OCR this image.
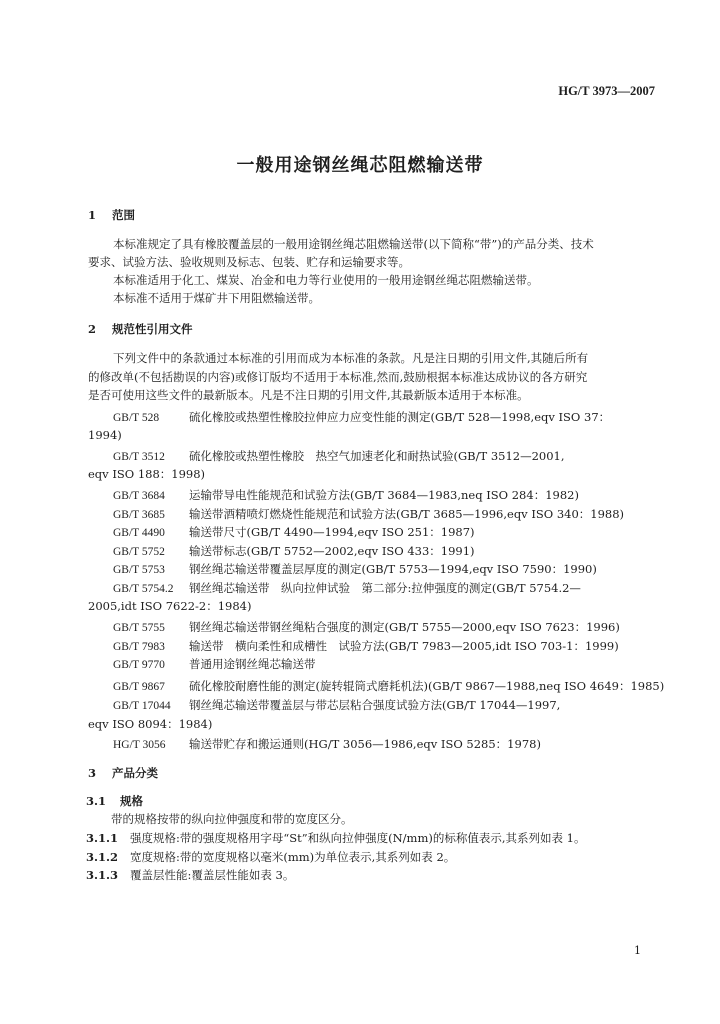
HG/T 3973—2007
一般用途钢丝绳芯阻燃输送带
1 范围
本标准规定了具有橡胶覆盖层的一般用途钢丝绳芯阻燃输送带(以下简称“带”)的产品分类、技术
要求、试验方法、验收规则及标志、包装、贮存和运输要求等。
本标准适用于化工、煤炭、冶金和电力等行业使用的一般用途钢丝绳芯阻燃输送带。
本标准不适用于煤矿井下用阻燃输送带。
2 规范性引用文件
下列文件中的条款通过本标准的引用而成为本标准的条款。凡是注日期的引用文件,其随后所有
的修改单(不包括勘误的内容)或修订版均不适用于本标准,然而,鼓励根据本标准达成协议的各方研究
是否可使用这些文件的最新版本。凡是不注日期的引用文件,其最新版本适用于本标准。
GB/T 528	硫化橡胶或热塑性橡胶拉伸应力应变性能的测定(GB/T 528—1998,eqv ISO 37：
1994)
GB/T 3512 硫化橡胶或热塑性橡胶　热空气加速老化和耐热试验(GB/T 3512—2001,
eqv ISO 188：1998)
GB/T 3684 运输带导电性能规范和试验方法(GB/T 3684—1983,neq ISO 284：1982)
GB/T 3685 输送带酒精喷灯燃烧性能规范和试验方法(GB/T 3685—1996,eqv ISO 340：1988)
GB/T 4490 输送带尺寸(GB/T 4490—1994,eqv ISO 251：1987)
GB/T 5752 输送带标志(GB/T 5752—2002,eqv ISO 433：1991)
GB/T 5753 钢丝绳芯输送带覆盖层厚度的测定(GB/T 5753—1994,eqv ISO 7590：1990)
GB/T 5754.2 钢丝绳芯输送带　纵向拉伸试验　第二部分:拉伸强度的测定(GB/T 5754.2—
2005,idt ISO 7622-2：1984)
GB/T 5755 钢丝绳芯输送带钢丝绳粘合强度的测定(GB/T 5755—2000,eqv ISO 7623：1996)
GB/T 7983 输送带　横向柔性和成槽性　试验方法(GB/T 7983—2005,idt ISO 703-1：1999)
GB/T 9770 普通用途钢丝绳芯输送带
GB/T 9867 硫化橡胶耐磨性能的测定(旋转辊筒式磨耗机法)(GB/T 9867—1988,neq ISO 4649：1985)
GB/T 17044 钢丝绳芯输送带覆盖层与带芯层粘合强度试验方法(GB/T 17044—1997,
eqv ISO 8094：1984)
HG/T 3056 输送带贮存和搬运通则(HG/T 3056—1986,eqv ISO 5285：1978)
3 产品分类
3.1 规格
带的规格按带的纵向拉伸强度和带的宽度区分。
3.1.1 强度规格:带的强度规格用字母“St”和纵向拉伸强度(N/mm)的标称值表示,其系列如表 1。
3.1.2 宽度规格:带的宽度规格以毫米(mm)为单位表示,其系列如表 2。
3.1.3 覆盖层性能:覆盖层性能如表 3。
1
